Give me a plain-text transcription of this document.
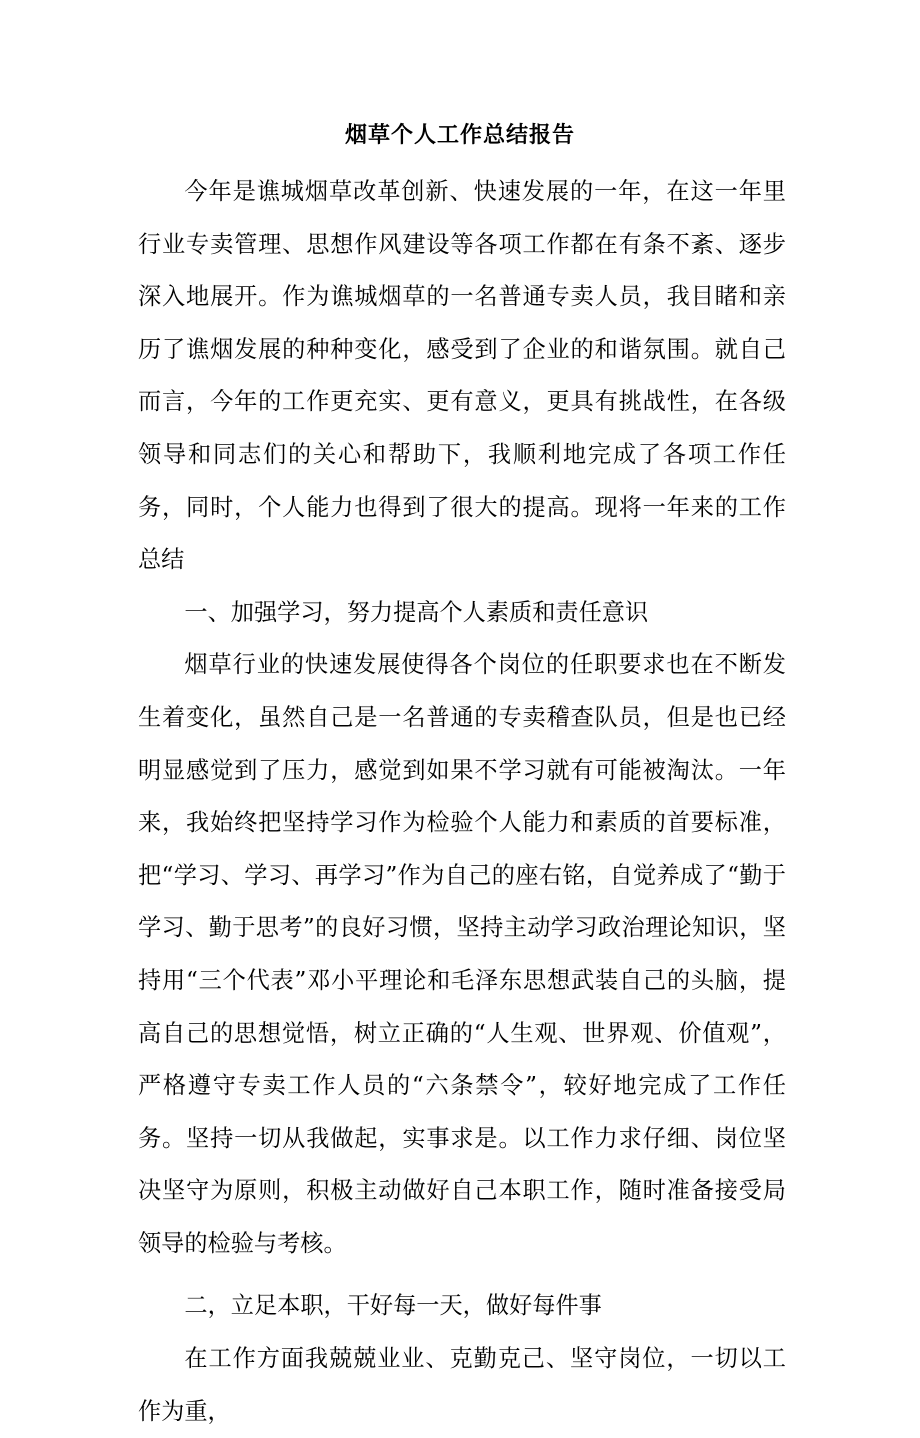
烟草个人工作总结报告

今年是谯城烟草改革创新、快速发展的一年，在这一年里行业专卖管理、思想作风建设等各项工作都在有条不紊、逐步深入地展开。作为谯城烟草的一名普通专卖人员，我目睹和亲历了谯烟发展的种种变化，感受到了企业的和谐氛围。就自己而言，今年的工作更充实、更有意义，更具有挑战性，在各级领导和同志们的关心和帮助下，我顺利地完成了各项工作任务，同时，个人能力也得到了很大的提高。现将一年来的工作总结

一、加强学习，努力提高个人素质和责任意识

烟草行业的快速发展使得各个岗位的任职要求也在不断发生着变化，虽然自己是一名普通的专卖稽查队员，但是也已经明显感觉到了压力，感觉到如果不学习就有可能被淘汰。一年来，我始终把坚持学习作为检验个人能力和素质的首要标准，把“学习、学习、再学习”作为自己的座右铭，自觉养成了“勤于学习、勤于思考”的良好习惯，坚持主动学习政治理论知识，坚持用“三个代表”邓小平理论和毛泽东思想武装自己的头脑，提高自己的思想觉悟，树立正确的“人生观、世界观、价值观”，严格遵守专卖工作人员的“六条禁令”，较好地完成了工作任务。坚持一切从我做起，实事求是。以工作力求仔细、岗位坚决坚守为原则，积极主动做好自己本职工作，随时准备接受局领导的检验与考核。

二，立足本职，干好每一天，做好每件事

在工作方面我兢兢业业、克勤克己、坚守岗位，一切以工作为重，
